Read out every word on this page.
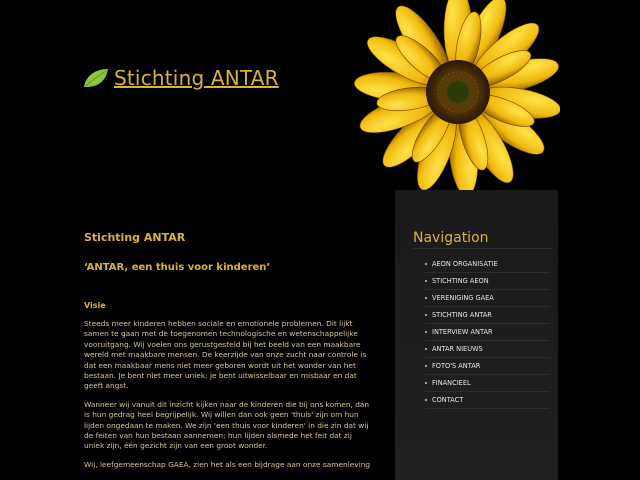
Stichting ANTAR
Stichting ANTAR
‘ANTAR, een thuis voor kinderen’
Visie

Steeds meer kinderen hebben sociale en emotionele problemen. Dit lijkt samen te gaan met de toegenomen technologische en wetenschappelijke vooruitgang. Wij voelen ons gerustgesteld bij het beeld van een maakbare wereld met maakbare mensen. De keerzijde van onze zucht naar controle is dat een maakbaar mens niet meer geboren wordt uit het wonder van het bestaan. Je bent niet meer uniek; je bent uitwisselbaar en misbaar en dat geeft angst.

Wanneer wij vanuit dit inzicht kijken naar de kinderen die bij ons komen, dan is hun gedrag heel begrijpelijk. Wij willen dan ook geen 'thuis' zijn om hun lijden ongedaan te maken. We zijn 'een thuis voor kinderen' in die zin dat wij de feiten van hun bestaan aannemen; hun lijden alsmede het feit dat zij uniek zijn, één gezicht zijn van een groot wonder.

Wij, leefgemeenschap GAEA, zien het als een bijdrage aan onze samenleving

Navigation
AEON ORGANISATIE
STICHTING AEON
VERENIGING GAEA
STICHTING ANTAR
INTERVIEW ANTAR
ANTAR NIEUWS
FOTO'S ANTAR
FINANCIEEL
CONTACT
